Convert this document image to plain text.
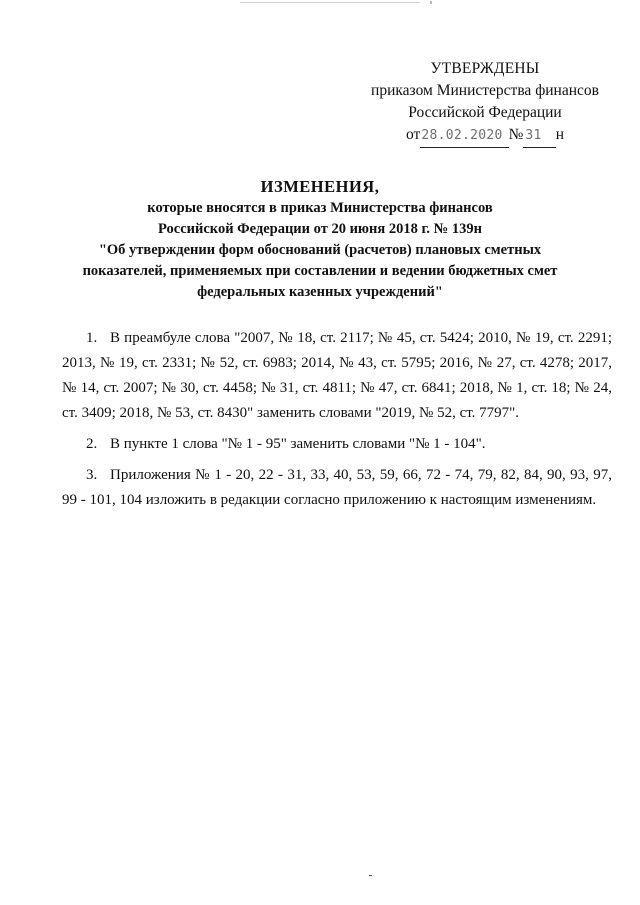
УТВЕРЖДЕНЫ
приказом Министерства финансов
Российской Федерации
от 28.02.2020 № 31 н
ИЗМЕНЕНИЯ,
которые вносятся в приказ Министерства финансов
Российской Федерации от 20 июня 2018 г. № 139н
"Об утверждении форм обоснований (расчетов) плановых сметных
показателей, применяемых при составлении и ведении бюджетных смет
федеральных казенных учреждений"

1. В преамбуле слова "2007, № 18, ст. 2117; № 45, ст. 5424; 2010, № 19, ст. 2291; 2013, № 19, ст. 2331; № 52, ст. 6983; 2014, № 43, ст. 5795; 2016, № 27, ст. 4278; 2017, № 14, ст. 2007; № 30, ст. 4458; № 31, ст. 4811; № 47, ст. 6841; 2018, № 1, ст. 18; № 24, ст. 3409; 2018, № 53, ст. 8430" заменить словами "2019, № 52, ст. 7797".

2. В пункте 1 слова "№ 1 - 95" заменить словами "№ 1 - 104".

3. Приложения № 1 - 20, 22 - 31, 33, 40, 53, 59, 66, 72 - 74, 79, 82, 84, 90, 93, 97, 99 - 101, 104 изложить в редакции согласно приложению к настоящим изменениям.
